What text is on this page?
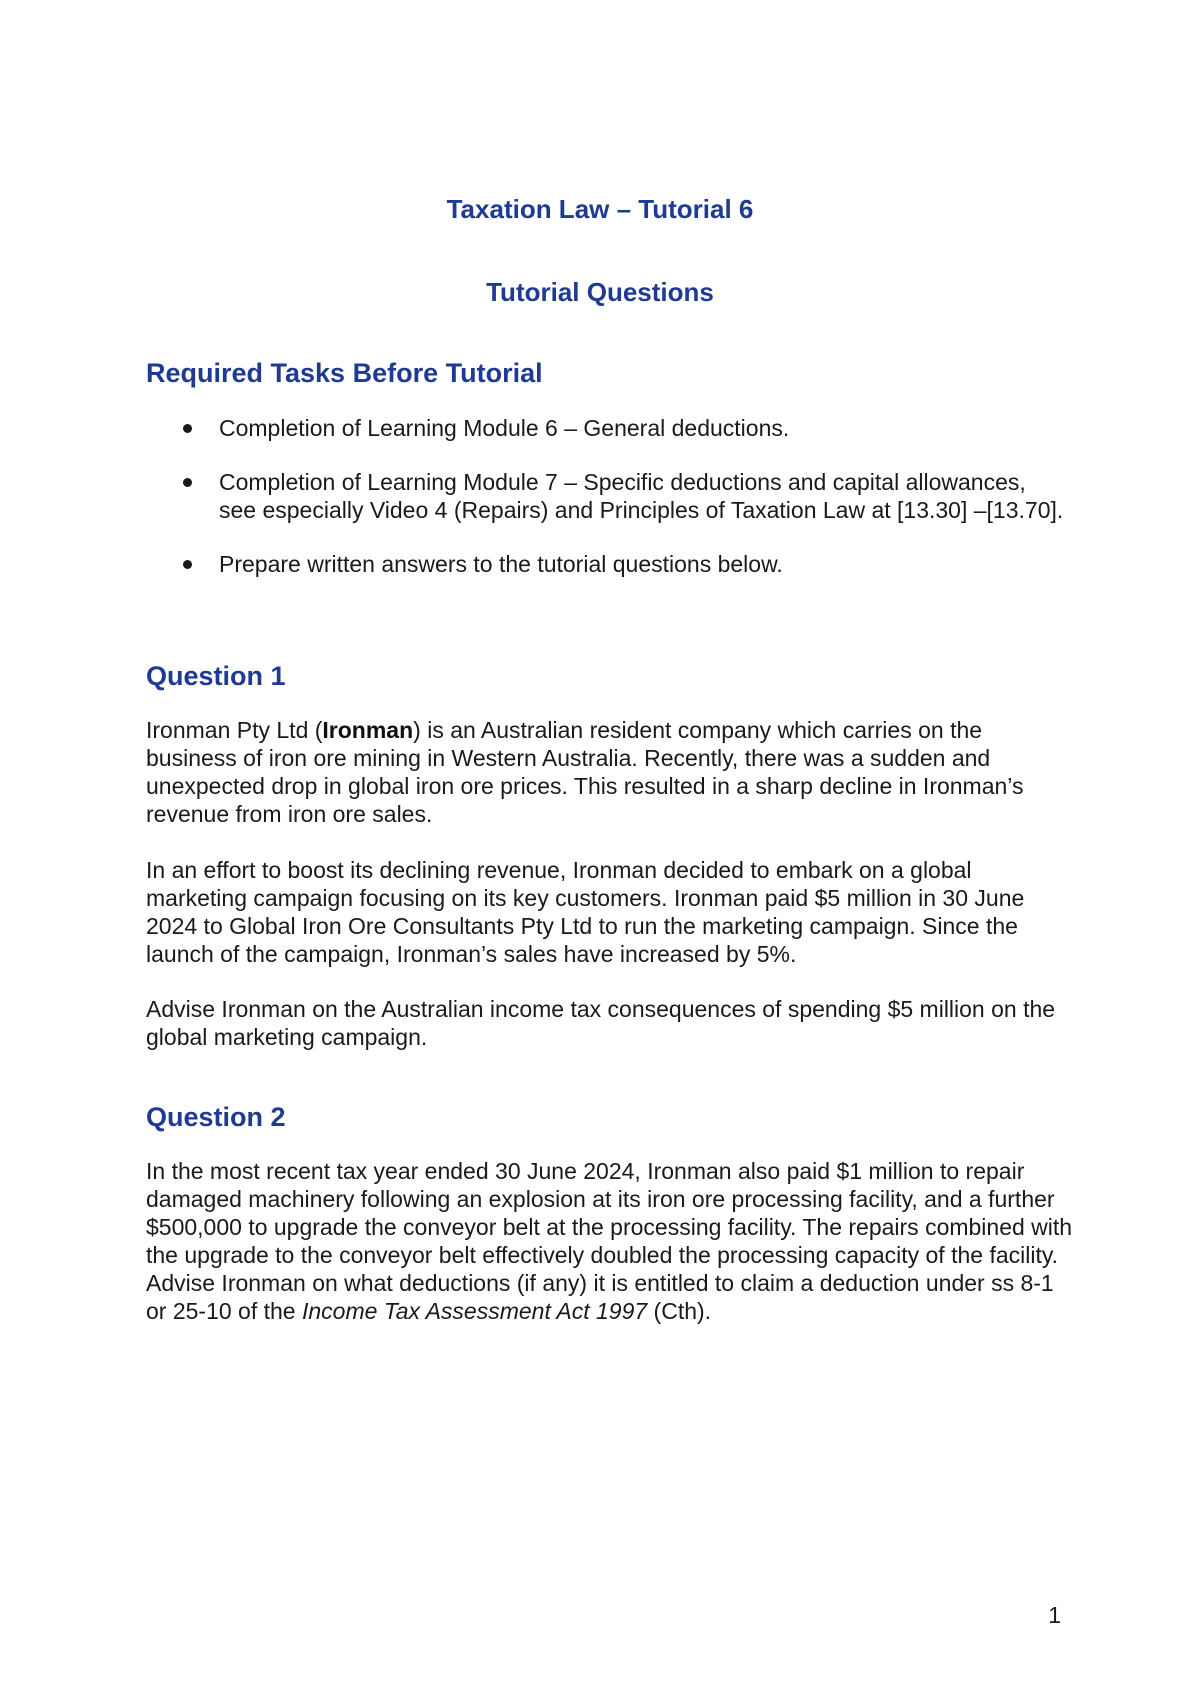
Taxation Law – Tutorial 6
Tutorial Questions
Required Tasks Before Tutorial
Completion of Learning Module 6 – General deductions.
Completion of Learning Module 7 – Specific deductions and capital allowances, see especially Video 4 (Repairs) and Principles of Taxation Law at [13.30] –[13.70].
Prepare written answers to the tutorial questions below.
Question 1

Ironman Pty Ltd (Ironman) is an Australian resident company which carries on the business of iron ore mining in Western Australia. Recently, there was a sudden and unexpected drop in global iron ore prices. This resulted in a sharp decline in Ironman’s revenue from iron ore sales.

In an effort to boost its declining revenue, Ironman decided to embark on a global marketing campaign focusing on its key customers. Ironman paid $5 million in 30 June 2024 to Global Iron Ore Consultants Pty Ltd to run the marketing campaign. Since the launch of the campaign, Ironman’s sales have increased by 5%.

Advise Ironman on the Australian income tax consequences of spending $5 million on the global marketing campaign.

Question 2

In the most recent tax year ended 30 June 2024, Ironman also paid $1 million to repair damaged machinery following an explosion at its iron ore processing facility, and a further $500,000 to upgrade the conveyor belt at the processing facility. The repairs combined with the upgrade to the conveyor belt effectively doubled the processing capacity of the facility. Advise Ironman on what deductions (if any) it is entitled to claim a deduction under ss 8-1 or 25-10 of the Income Tax Assessment Act 1997 (Cth).

1
